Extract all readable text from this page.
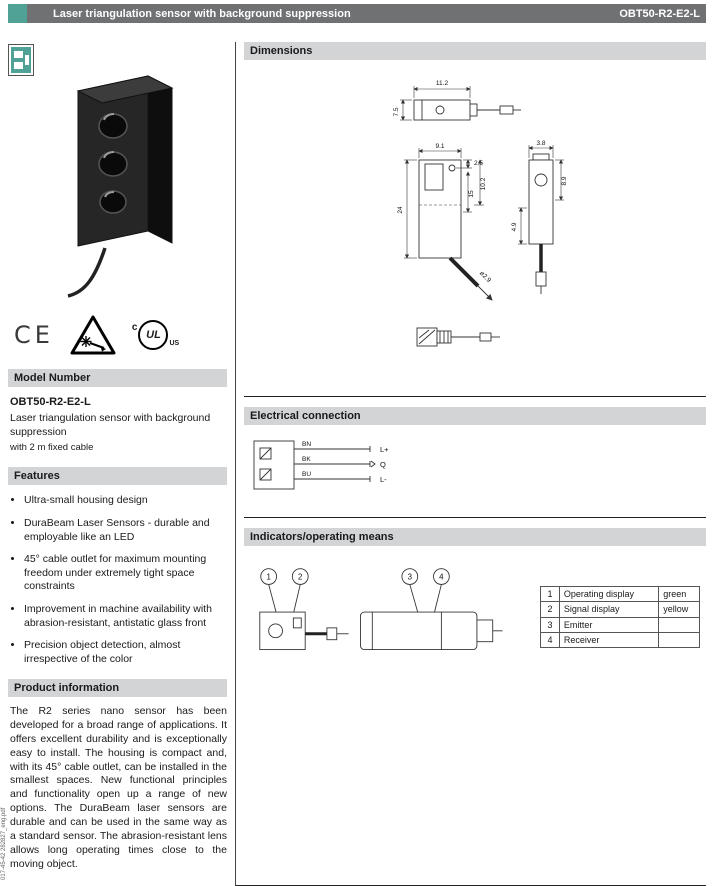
Laser triangulation sensor with background suppression	OBT50-R2-E2-L
017-45-42 282827_eng.pdf
CE	c
UL
US
Model Number
OBT50-R2-E2-L
Laser triangulation sensor with background suppression
with 2 m fixed cable
Features
• Ultra-small housing design
• DuraBeam Laser Sensors - durable and employable like an LED
• 45° cable outlet for maximum mounting freedom under extremely tight space constraints
• Improvement in machine availability with abrasion-resistant, antistatic glass front
• Precision object detection, almost irrespective of the color
Product information

The R2 series nano sensor has been developed for a broad range of applications. It offers excellent durability and is exceptionally easy to install. The housing is compact and, with its 45° cable outlet, can be installed in the smallest spaces. New functional principles and functionality open up a range of new options. The DuraBeam laser sensors are durable and can be used in the same way as a standard sensor. The abrasion-resistant lens allows long operating times close to the moving object.

Dimensions
11.2
7.5
ø2.9
9.1
2.5
15
10.2
24
3.8
8.9
4.9
Electrical connection
BN
BK
BU
L+
Q
L-
Indicators/operating means
1	2	3	4
1	Operating display	green
2	Signal display	yellow
3	Emitter	
4	Receiver	
